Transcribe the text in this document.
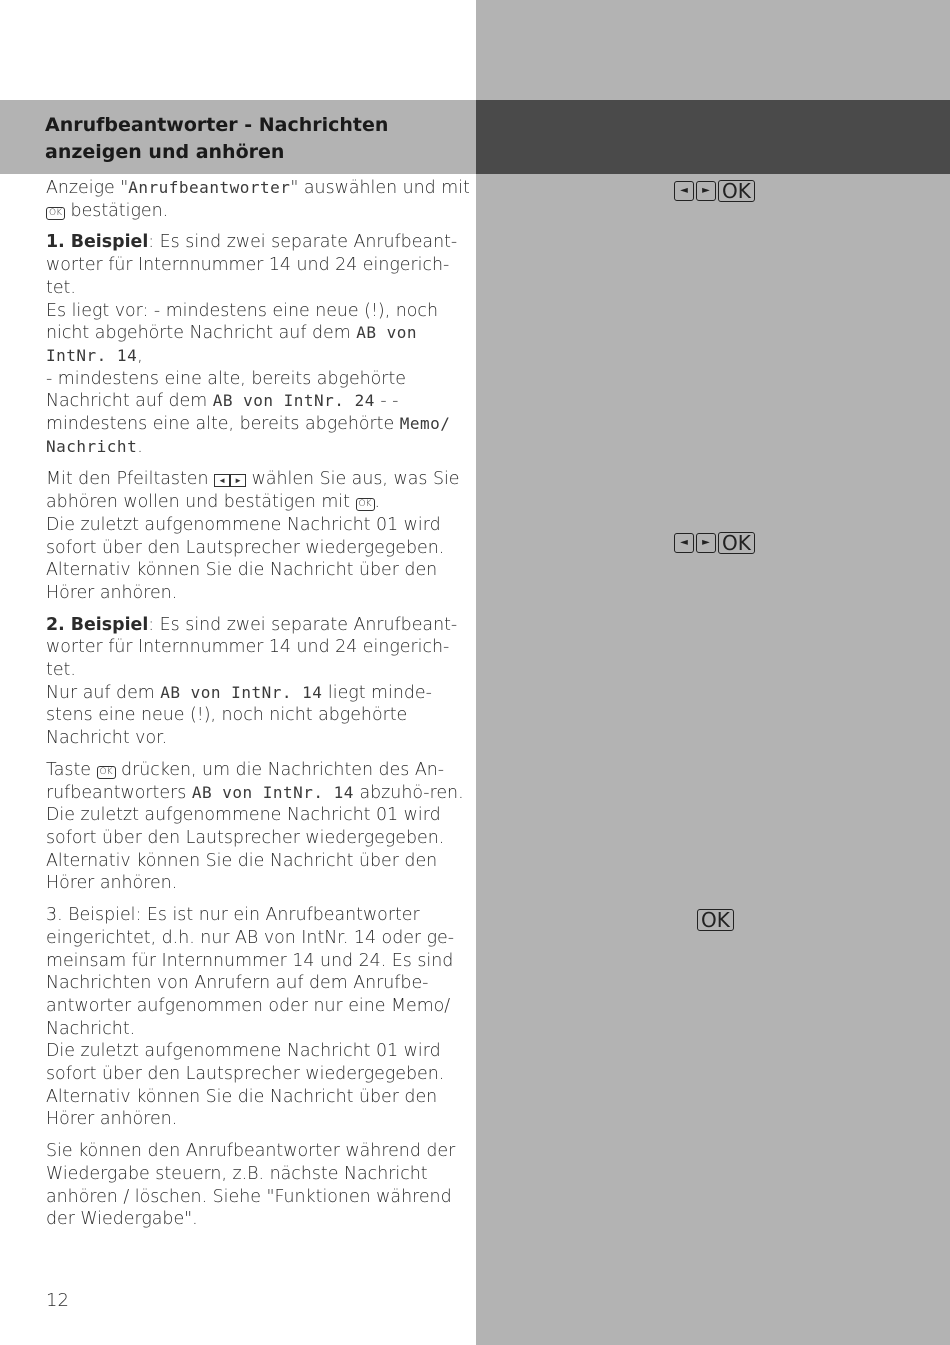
Anrufbeantworter - Nachrichten anzeigen und anhören

Anzeige "Anrufbeantworter" auswählen und mit OK bestätigen.

1. Beispiel: Es sind zwei separate Anrufbeant-worter für Internnummer 14 und 24 eingerich-tet.

Es liegt vor: - mindestens eine neue (!), noch nicht abgehörte Nachricht auf dem AB von IntNr. 14,

- mindestens eine alte, bereits abgehörte Nachricht auf dem AB von IntNr. 24 - - mindestens eine alte, bereits abgehörte Memo/ Nachricht.

Mit den Pfeiltasten ◄ ► wählen Sie aus, was Sie abhören wollen und bestätigen mit OK .
Die zuletzt aufgenommene Nachricht 01 wird sofort über den Lautsprecher wiedergegeben. Alternativ können Sie die Nachricht über den Hörer anhören.

2. Beispiel: Es sind zwei separate Anrufbeant-worter für Internnummer 14 und 24 eingerich-tet.

Nur auf dem AB von IntNr. 14 liegt minde-stens eine neue (!), noch nicht abgehörte Nachricht vor.

Taste OK drücken, um die Nachrichten des An-rufbeantworters AB von IntNr. 14 abzuhö-ren.
Die zuletzt aufgenommene Nachricht 01 wird sofort über den Lautsprecher wiedergegeben. Alternativ können Sie die Nachricht über den Hörer anhören.

3. Beispiel: Es ist nur ein Anrufbeantworter eingerichtet, d.h. nur AB von IntNr. 14 oder ge-meinsam für Internnummer 14 und 24. Es sind Nachrichten von Anrufern auf dem Anrufbe-antworter aufgenommen oder nur eine Memo/ Nachricht.
Die zuletzt aufgenommene Nachricht 01 wird sofort über den Lautsprecher wiedergegeben. Alternativ können Sie die Nachricht über den Hörer anhören.

Sie können den Anrufbeantworter während der Wiedergabe steuern, z.B. nächste Nachricht anhören / löschen. Siehe "Funktionen während der Wiedergabe".

◄	► OK
◄	► OK
OK
12
